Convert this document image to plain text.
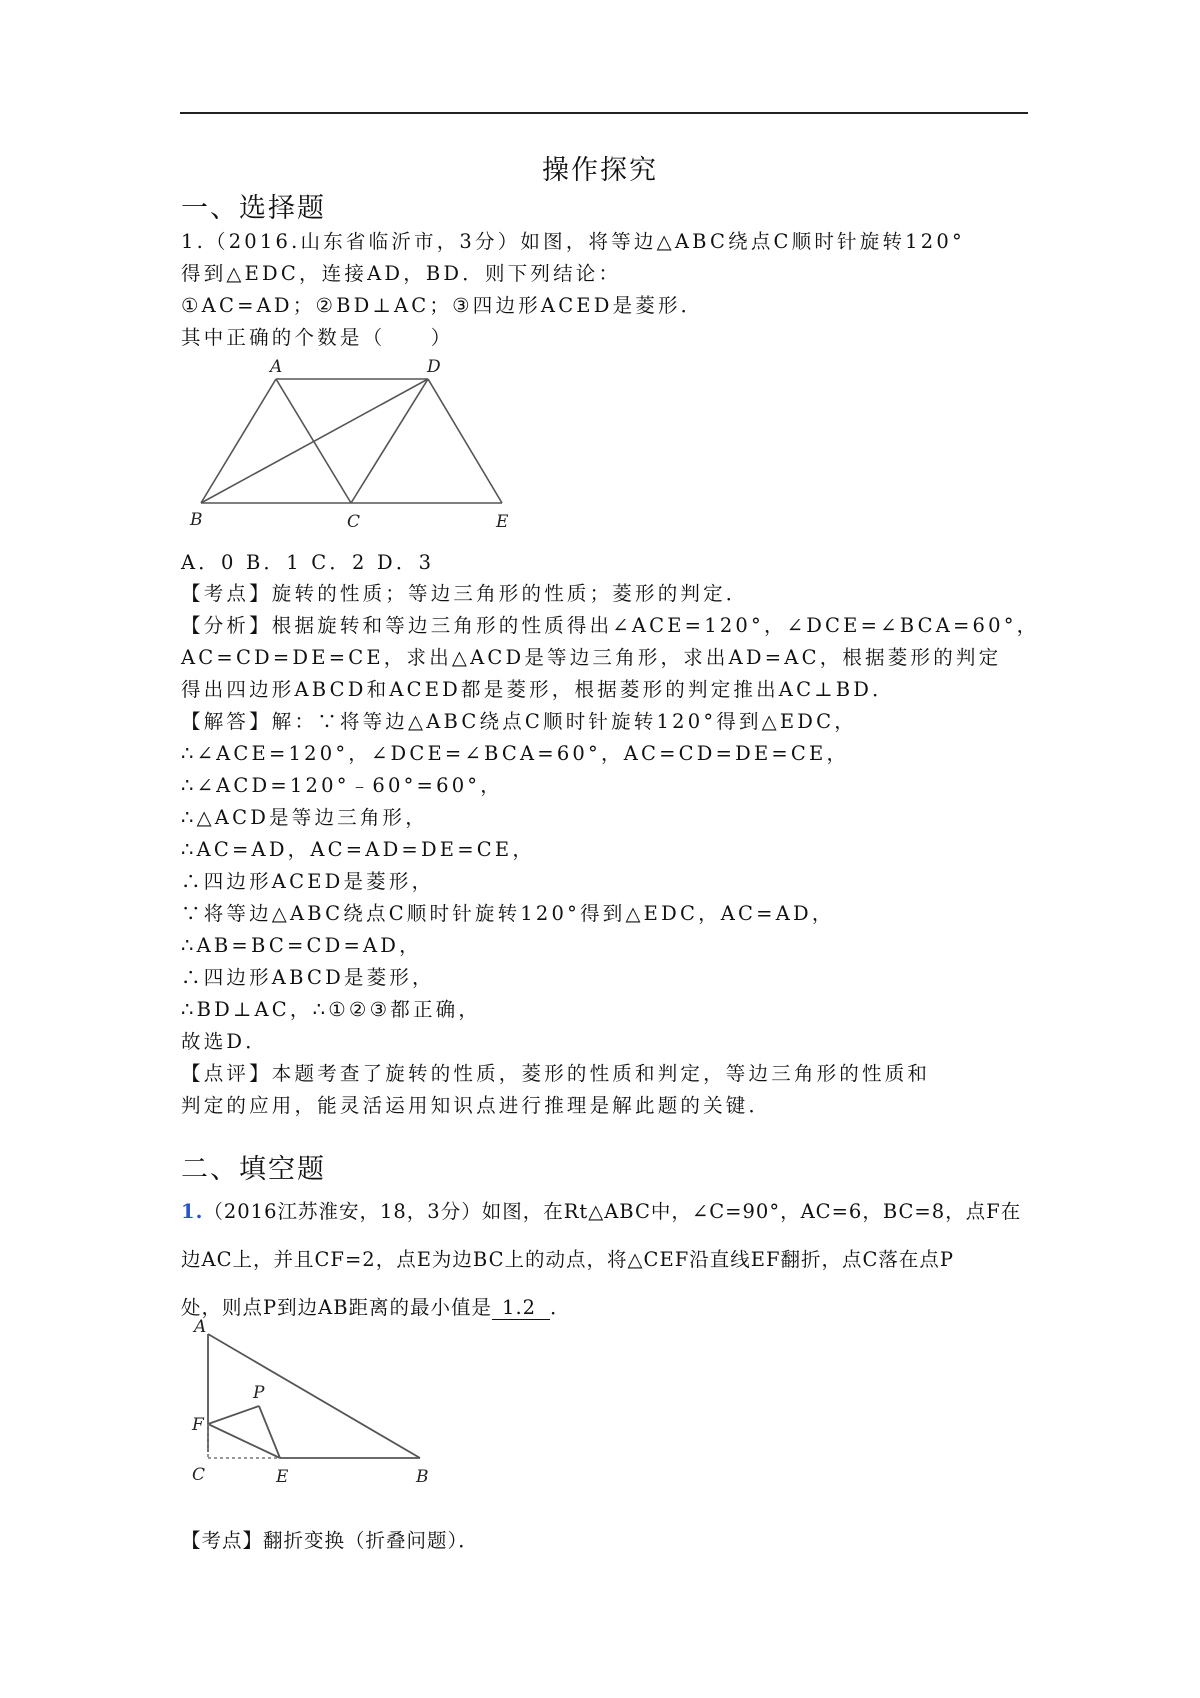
操作探究
一、选择题
1.（2016.山东省临沂市，3分）如图，将等边△ABC绕点C顺时针旋转120°
得到△EDC，连接AD，BD．则下列结论：
①AC=AD；②BD⊥AC；③四边形ACED是菱形．
其中正确的个数是（　　）
A	D
B	C	E
A．0 B．1 C．2 D．3
【考点】旋转的性质；等边三角形的性质；菱形的判定．
【分析】根据旋转和等边三角形的性质得出∠ACE=120°，∠DCE=∠BCA=60°，
AC=CD=DE=CE，求出△ACD是等边三角形，求出AD=AC，根据菱形的判定
得出四边形ABCD和ACED都是菱形，根据菱形的判定推出AC⊥BD．
【解答】解：∵将等边△ABC绕点C顺时针旋转120°得到△EDC，
∴∠ACE=120°，∠DCE=∠BCA=60°，AC=CD=DE=CE，
∴∠ACD=120°﹣60°=60°，
∴△ACD是等边三角形，
∴AC=AD，AC=AD=DE=CE，
∴四边形ACED是菱形，
∵将等边△ABC绕点C顺时针旋转120°得到△EDC，AC=AD，
∴AB=BC=CD=AD，
∴四边形ABCD是菱形，
∴BD⊥AC，∴①②③都正确，
故选D．
【点评】本题考查了旋转的性质，菱形的性质和判定，等边三角形的性质和
判定的应用，能灵活运用知识点进行推理是解此题的关键．
二、填空题
1.（2016江苏淮安，18，3分）如图，在Rt△ABC中，∠C=90°，AC=6，BC=8，点F在
边AC上，并且CF=2，点E为边BC上的动点，将△CEF沿直线EF翻折，点C落在点P
处，则点P到边AB距离的最小值是 1.2 ．
A
P
F
C	E	B
【考点】翻折变换（折叠问题）．
